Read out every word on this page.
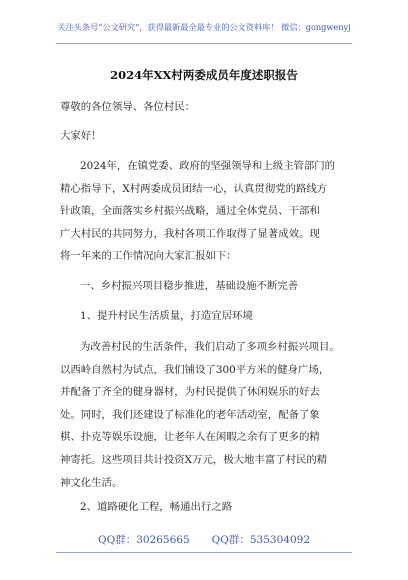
关注头条号“公文研究”，获得最新最全最专业的公文资料库！ 微信：gongwenyj
2024年XX村两委成员年度述职报告
尊敬的各位领导、各位村民：
大家好！
2024年，在镇党委、政府的坚强领导和上级主管部门的
精心指导下，X村两委成员团结一心，认真贯彻党的路线方
针政策，全面落实乡村振兴战略，通过全体党员、干部和
广大村民的共同努力，我村各项工作取得了显著成效。现
将一年来的工作情况向大家汇报如下：
一、乡村振兴项目稳步推进，基础设施不断完善
1、提升村民生活质量，打造宜居环境
为改善村民的生活条件，我们启动了多项乡村振兴项目。
以西岭自然村为试点，我们铺设了300平方米的健身广场，
并配备了齐全的健身器材，为村民提供了休闲娱乐的好去
处。同时，我们还建设了标准化的老年活动室，配备了象
棋、扑克等娱乐设施，让老年人在闲暇之余有了更多的精
神寄托。这些项目共计投资X万元，极大地丰富了村民的精
神文化生活。
2、道路硬化工程，畅通出行之路
QQ群：30265665 QQ群：535304092
